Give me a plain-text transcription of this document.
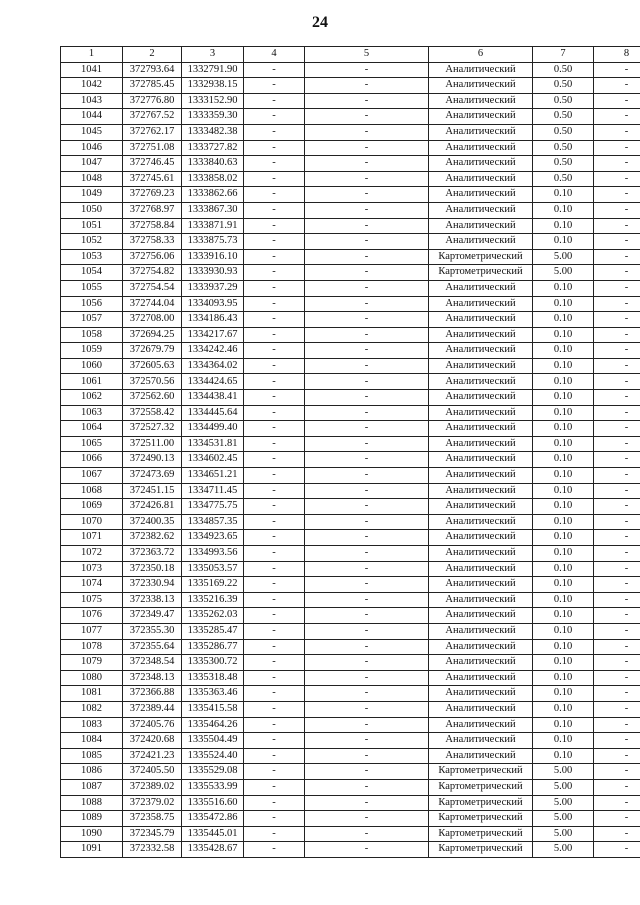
24
1	2	3	4	5	6	7	8
1041	372793.64	1332791.90	-	-	Аналитический	0.50	-
1042	372785.45	1332938.15	-	-	Аналитический	0.50	-
1043	372776.80	1333152.90	-	-	Аналитический	0.50	-
1044	372767.52	1333359.30	-	-	Аналитический	0.50	-
1045	372762.17	1333482.38	-	-	Аналитический	0.50	-
1046	372751.08	1333727.82	-	-	Аналитический	0.50	-
1047	372746.45	1333840.63	-	-	Аналитический	0.50	-
1048	372745.61	1333858.02	-	-	Аналитический	0.50	-
1049	372769.23	1333862.66	-	-	Аналитический	0.10	-
1050	372768.97	1333867.30	-	-	Аналитический	0.10	-
1051	372758.84	1333871.91	-	-	Аналитический	0.10	-
1052	372758.33	1333875.73	-	-	Аналитический	0.10	-
1053	372756.06	1333916.10	-	-	Картометрический	5.00	-
1054	372754.82	1333930.93	-	-	Картометрический	5.00	-
1055	372754.54	1333937.29	-	-	Аналитический	0.10	-
1056	372744.04	1334093.95	-	-	Аналитический	0.10	-
1057	372708.00	1334186.43	-	-	Аналитический	0.10	-
1058	372694.25	1334217.67	-	-	Аналитический	0.10	-
1059	372679.79	1334242.46	-	-	Аналитический	0.10	-
1060	372605.63	1334364.02	-	-	Аналитический	0.10	-
1061	372570.56	1334424.65	-	-	Аналитический	0.10	-
1062	372562.60	1334438.41	-	-	Аналитический	0.10	-
1063	372558.42	1334445.64	-	-	Аналитический	0.10	-
1064	372527.32	1334499.40	-	-	Аналитический	0.10	-
1065	372511.00	1334531.81	-	-	Аналитический	0.10	-
1066	372490.13	1334602.45	-	-	Аналитический	0.10	-
1067	372473.69	1334651.21	-	-	Аналитический	0.10	-
1068	372451.15	1334711.45	-	-	Аналитический	0.10	-
1069	372426.81	1334775.75	-	-	Аналитический	0.10	-
1070	372400.35	1334857.35	-	-	Аналитический	0.10	-
1071	372382.62	1334923.65	-	-	Аналитический	0.10	-
1072	372363.72	1334993.56	-	-	Аналитический	0.10	-
1073	372350.18	1335053.57	-	-	Аналитический	0.10	-
1074	372330.94	1335169.22	-	-	Аналитический	0.10	-
1075	372338.13	1335216.39	-	-	Аналитический	0.10	-
1076	372349.47	1335262.03	-	-	Аналитический	0.10	-
1077	372355.30	1335285.47	-	-	Аналитический	0.10	-
1078	372355.64	1335286.77	-	-	Аналитический	0.10	-
1079	372348.54	1335300.72	-	-	Аналитический	0.10	-
1080	372348.13	1335318.48	-	-	Аналитический	0.10	-
1081	372366.88	1335363.46	-	-	Аналитический	0.10	-
1082	372389.44	1335415.58	-	-	Аналитический	0.10	-
1083	372405.76	1335464.26	-	-	Аналитический	0.10	-
1084	372420.68	1335504.49	-	-	Аналитический	0.10	-
1085	372421.23	1335524.40	-	-	Аналитический	0.10	-
1086	372405.50	1335529.08	-	-	Картометрический	5.00	-
1087	372389.02	1335533.99	-	-	Картометрический	5.00	-
1088	372379.02	1335516.60	-	-	Картометрический	5.00	-
1089	372358.75	1335472.86	-	-	Картометрический	5.00	-
1090	372345.79	1335445.01	-	-	Картометрический	5.00	-
1091	372332.58	1335428.67	-	-	Картометрический	5.00	-
